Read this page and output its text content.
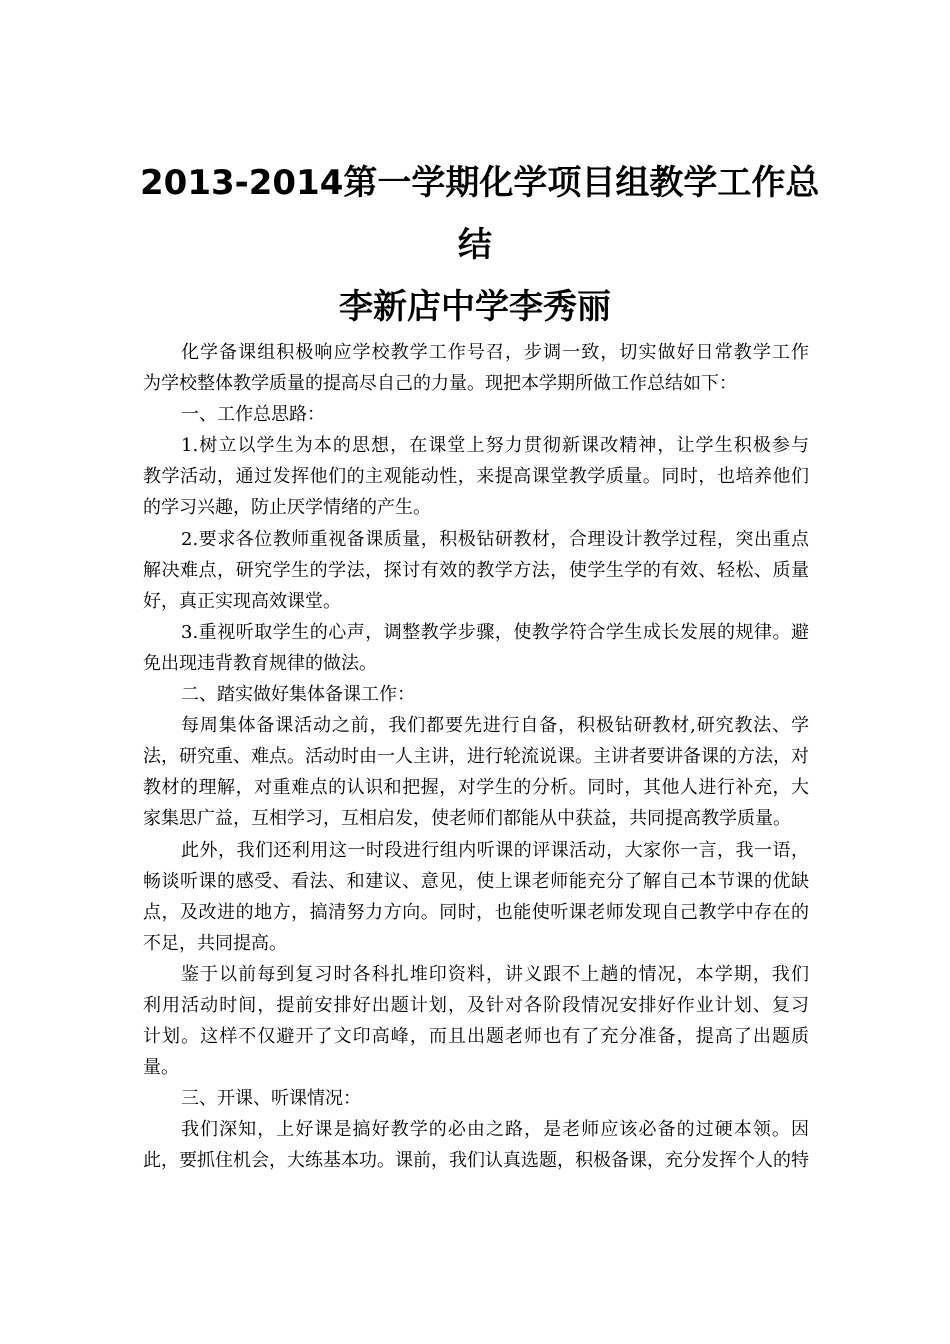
2013-2014第一学期化学项目组教学工作总
结
李新店中学李秀丽
化学备课组积极响应学校教学工作号召，步调一致，切实做好日常教学工作
为学校整体教学质量的提高尽自己的力量。现把本学期所做工作总结如下：
一、工作总思路：
1.树立以学生为本的思想，在课堂上努力贯彻新课改精神，让学生积极参与
教学活动，通过发挥他们的主观能动性，来提高课堂教学质量。同时，也培养他们
的学习兴趣，防止厌学情绪的产生。
2.要求各位教师重视备课质量，积极钻研教材，合理设计教学过程，突出重点
解决难点，研究学生的学法，探讨有效的教学方法，使学生学的有效、轻松、质量
好，真正实现高效课堂。
3.重视听取学生的心声，调整教学步骤，使教学符合学生成长发展的规律。避
免出现违背教育规律的做法。
二、踏实做好集体备课工作：
每周集体备课活动之前，我们都要先进行自备，积极钻研教材,研究教法、学
法，研究重、难点。活动时由一人主讲，进行轮流说课。主讲者要讲备课的方法，对
教材的理解，对重难点的认识和把握，对学生的分析。同时，其他人进行补充，大
家集思广益，互相学习，互相启发，使老师们都能从中获益，共同提高教学质量。
此外，我们还利用这一时段进行组内听课的评课活动，大家你一言，我一语，
畅谈听课的感受、看法、和建议、意见，使上课老师能充分了解自己本节课的优缺
点，及改进的地方，搞清努力方向。同时，也能使听课老师发现自己教学中存在的
不足，共同提高。
鉴于以前每到复习时各科扎堆印资料，讲义跟不上趟的情况，本学期，我们
利用活动时间，提前安排好出题计划，及针对各阶段情况安排好作业计划、复习
计划。这样不仅避开了文印高峰，而且出题老师也有了充分准备，提高了出题质
量。
三、开课、听课情况：
我们深知，上好课是搞好教学的必由之路，是老师应该必备的过硬本领。因
此，要抓住机会，大练基本功。课前，我们认真选题，积极备课，充分发挥个人的特
